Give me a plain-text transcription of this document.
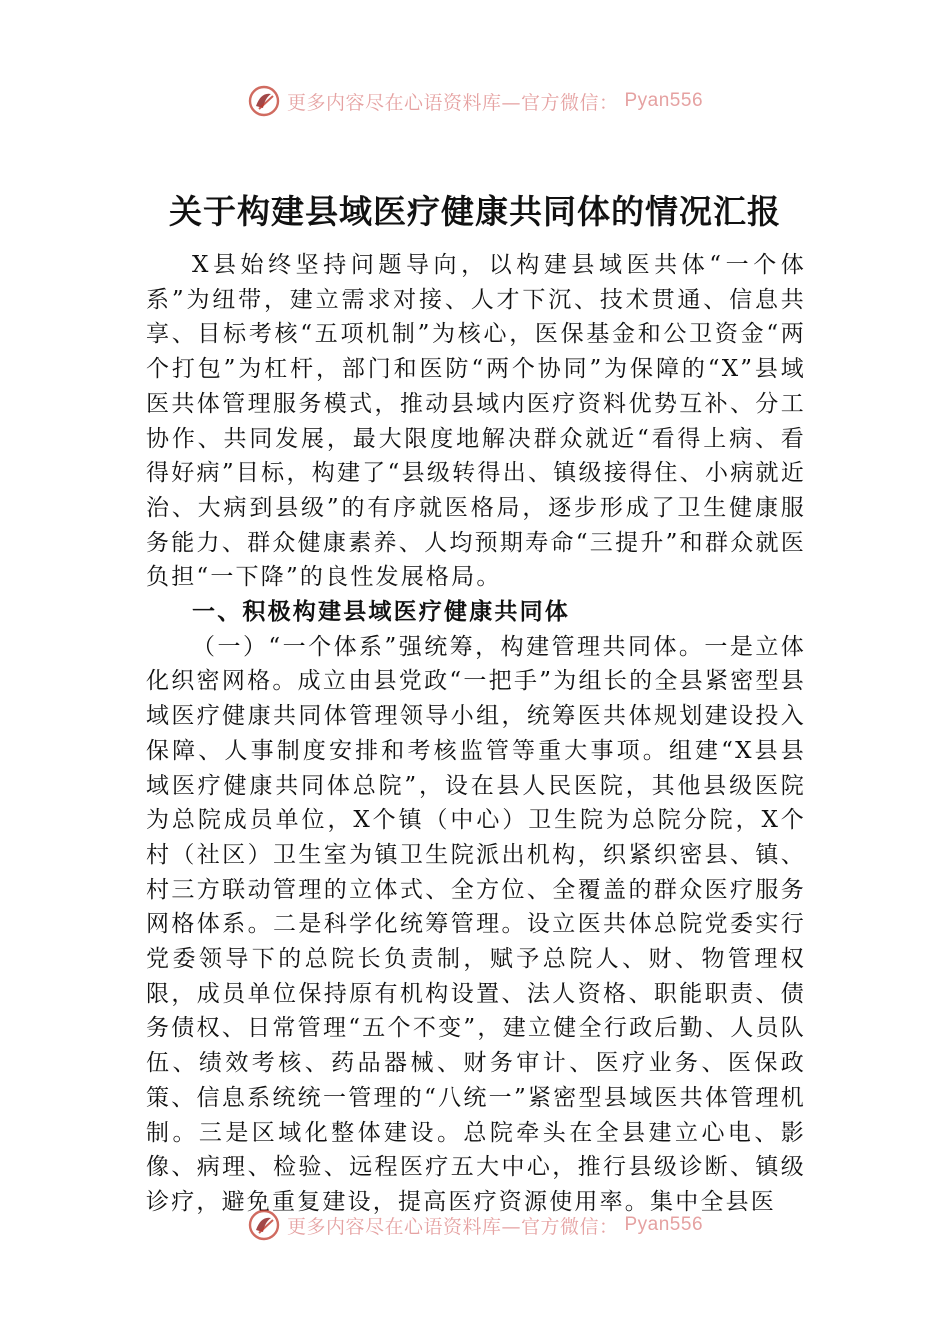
更多内容尽在心语资料库—官方微信： Pyan556
关于构建县域医疗健康共同体的情况汇报

X县始终坚持问题导向，以构建县域医共体“一个体系”为纽带，建立需求对接、人才下沉、技术贯通、信息共享、目标考核“五项机制”为核心，医保基金和公卫资金“两个打包”为杠杆，部门和医防“两个协同”为保障的“X”县域医共体管理服务模式，推动县域内医疗资料优势互补、分工协作、共同发展，最大限度地解决群众就近“看得上病、看得好病”目标，构建了“县级转得出、镇级接得住、小病就近治、大病到县级”的有序就医格局，逐步形成了卫生健康服务能力、群众健康素养、人均预期寿命“三提升”和群众就医负担“一下降”的良性发展格局。

一、积极构建县域医疗健康共同体

（一）“一个体系”强统筹，构建管理共同体。一是立体化织密网格。成立由县党政“一把手”为组长的全县紧密型县域医疗健康共同体管理领导小组，统筹医共体规划建设投入保障、人事制度安排和考核监管等重大事项。组建“X县县域医疗健康共同体总院”，设在县人民医院，其他县级医院为总院成员单位，X个镇（中心）卫生院为总院分院，X个村（社区）卫生室为镇卫生院派出机构，织紧织密县、镇、村三方联动管理的立体式、全方位、全覆盖的群众医疗服务网格体系。二是科学化统筹管理。设立医共体总院党委实行党委领导下的总院长负责制，赋予总院人、财、物管理权限，成员单位保持原有机构设置、法人资格、职能职责、债务债权、日常管理“五个不变”，建立健全行政后勤、人员队伍、绩效考核、药品器械、财务审计、医疗业务、医保政策、信息系统统一管理的“八统一”紧密型县域医共体管理机制。三是区域化整体建设。总院牵头在全县建立心电、影像、病理、检验、远程医疗五大中心，推行县级诊断、镇级诊疗，避免重复建设，提高医疗资源使用率。集中全县医

更多内容尽在心语资料库—官方微信： Pyan556
